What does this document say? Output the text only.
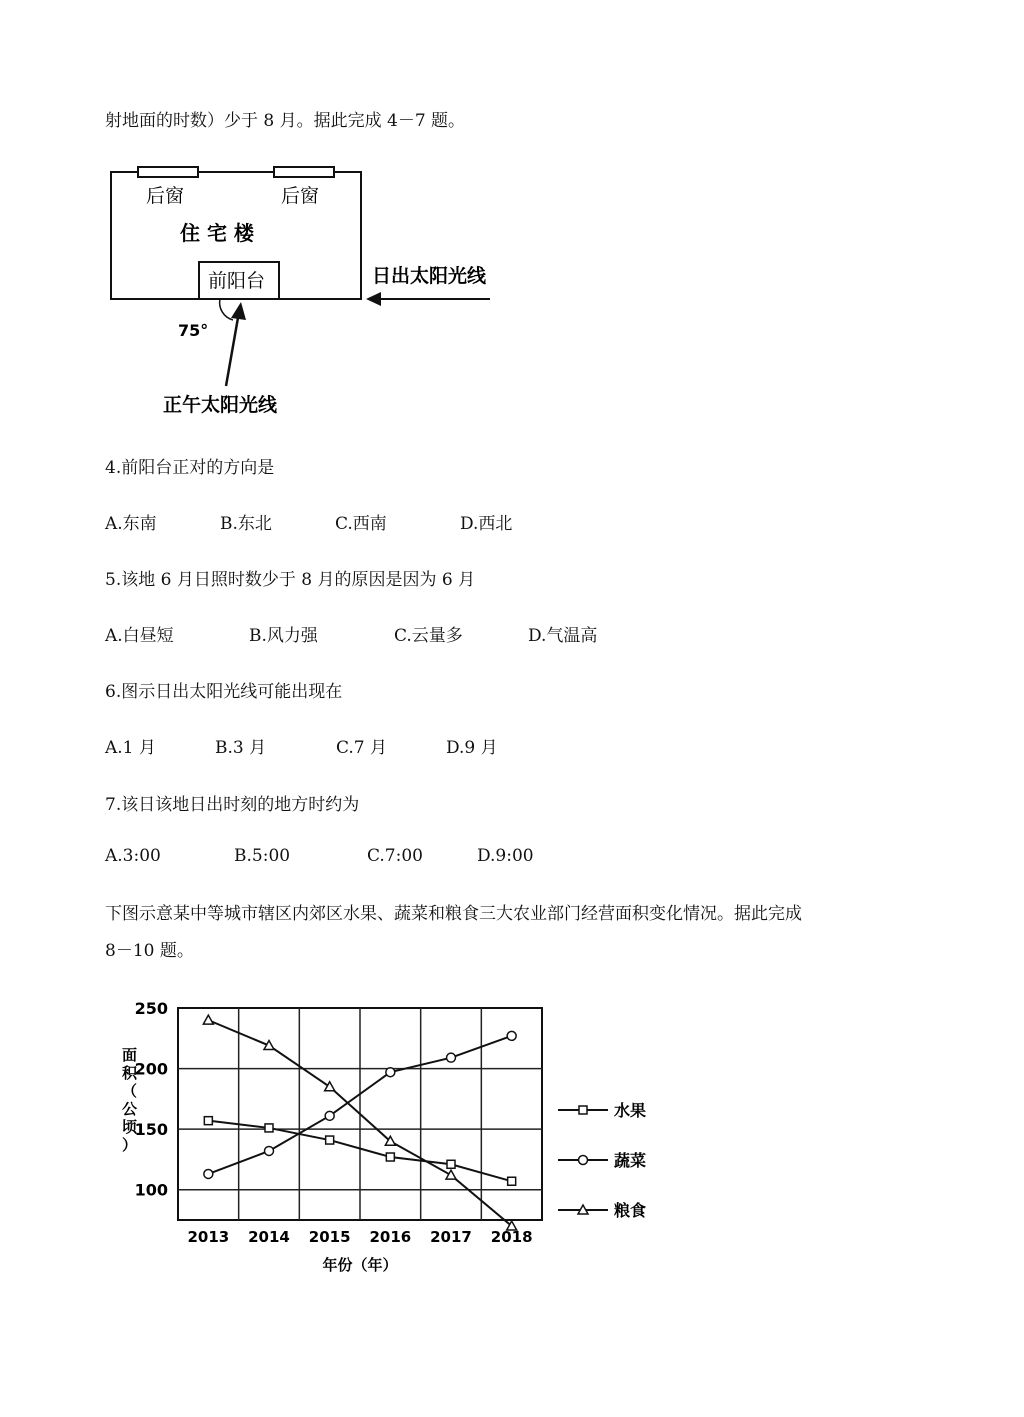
射地面的时数）少于 8 月。据此完成 4－7 题。
后窗	后窗
住 宅 楼
前阳台	日出太阳光线
75°
正午太阳光线
4.前阳台正对的方向是
A.东南	B.东北	C.西南	D.西北
5.该地 6 月日照时数少于 8 月的原因是因为 6 月
A.白昼短	B.风力强	C.云量多	D.气温高
6.图示日出太阳光线可能出现在
A.1 月	B.3 月	C.7 月	D.9 月
7.该日该地日出时刻的地方时约为
A.3:00	B.5:00	C.7:00	D.9:00
下图示意某中等城市辖区内郊区水果、蔬菜和粮食三大农业部门经营面积变化情况。据此完成
8－10 题。
250
200
150
100
2013 2014 2015 2016 2017 2018
年份（年）
面积（公顷）
水果
蔬菜
粮食
